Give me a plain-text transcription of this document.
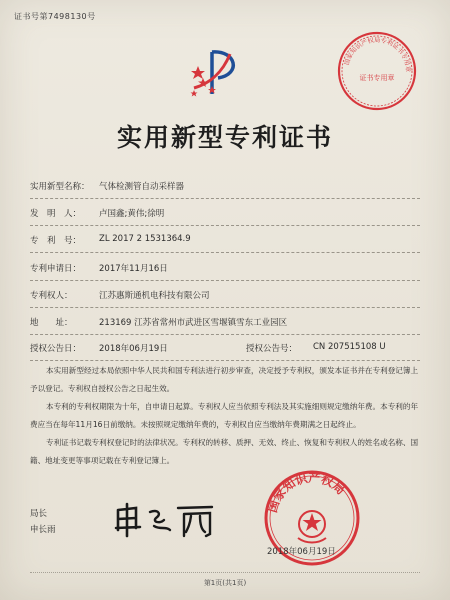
证书号第7498130号
国家知识产权局专利证书专用章
证书专用章
实用新型专利证书
实用新型名称： 气体检测管自动采样器
发　明　人： 卢国鑫;黄伟;徐明
专　利　号： ZL 2017 2 1531364.9
专利申请日： 2017年11月16日
专利权人：	江苏惠斯通机电科技有限公司
地　　址：	213169 江苏省常州市武进区雪堰镇雪东工业园区
授权公告日： 2018年06月19日	授权公告号： CN 207515108 U

本实用新型经过本局依照中华人民共和国专利法进行初步审查，决定授予专利权，颁发本证书并在专利登记簿上予以登记。专利权自授权公告之日起生效。

本专利的专利权期限为十年，自申请日起算。专利权人应当依照专利法及其实施细则规定缴纳年费。本专利的年费应当在每年11月16日前缴纳。未按照规定缴纳年费的，专利权自应当缴纳年费期满之日起终止。

专利证书记载专利权登记时的法律状况。专利权的转移、质押、无效、终止、恢复和专利权人的姓名或名称、国籍、地址变更等事项记载在专利登记簿上。

局长
申长雨
国家知识产权局
2018年06月19日
第1页(共1页)
